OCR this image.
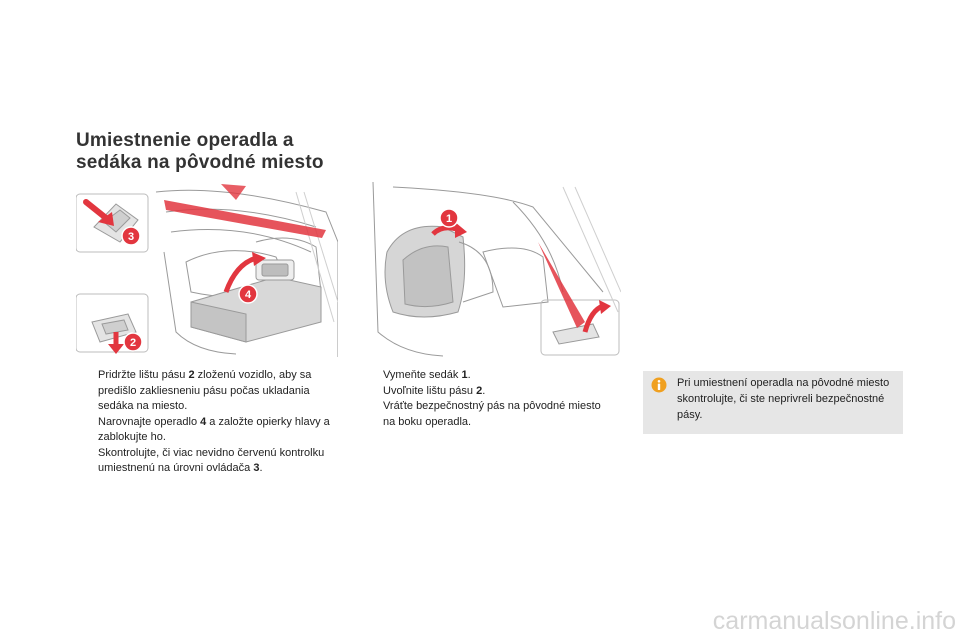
Umiestnenie operadla a
sedáka na pôvodné miesto
3
4
2
1
Pridržte lištu pásu 2 zloženú vozidlo, aby sa predišlo zakliesneniu pásu počas ukladania sedáka na miesto.
Narovnajte operadlo 4 a založte opierky hlavy a zablokujte ho.
Skontrolujte, či viac nevidno červenú kontrolku umiestnenú na úrovni ovládača 3.
Vymeňte sedák 1.
Uvoľnite lištu pásu 2.
Vráťte bezpečnostný pás na pôvodné miesto na boku operadla.
Pri umiestnení operadla na pôvodné miesto skontrolujte, či ste neprivreli bezpečnostné pásy.
carmanualsonline.info
